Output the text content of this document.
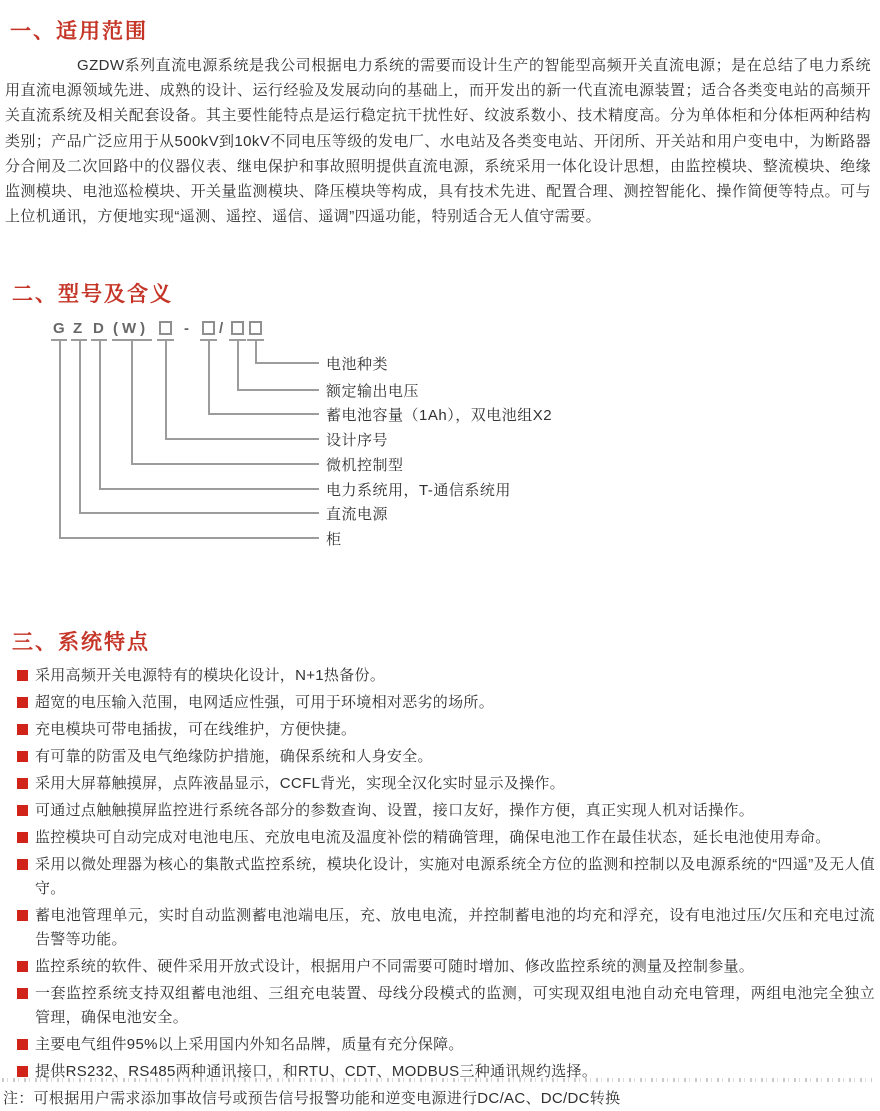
一、适用范围

GZDW系列直流电源系统是我公司根据电力系统的需要而设计生产的智能型高频开关直流电源；是在总结了电力系统用直流电源领域先进、成熟的设计、运行经验及发展动向的基础上，而开发出的新一代直流电源装置；适合各类变电站的高频开关直流系统及相关配套设备。其主要性能特点是运行稳定抗干扰性好、纹波系数小、技术精度高。分为单体柜和分体柜两种结构类别；产品广泛应用于从500kV到10kV不同电压等级的发电厂、水电站及各类变电站、开闭所、开关站和用户变电中，为断路器分合闸及二次回路中的仪器仪表、继电保护和事故照明提供直流电源，系统采用一体化设计思想，由监控模块、整流模块、绝缘监测模块、电池巡检模块、开关量监测模块、降压模块等构成，具有技术先进、配置合理、测控智能化、操作简便等特点。可与上位机通讯，方便地实现“遥测、遥控、遥信、遥调”四遥功能，特别适合无人值守需要。

二、型号及含义
G Z D (W) - /
电池种类
额定输出电压
蓄电池容量（1Ah），双电池组X2
设计序号
微机控制型
电力系统用，T-通信系统用
直流电源
柜
三、系统特点
采用高频开关电源特有的模块化设计，N+1热备份。
超宽的电压输入范围，电网适应性强，可用于环境相对恶劣的场所。
充电模块可带电插拔，可在线维护，方便快捷。
有可靠的防雷及电气绝缘防护措施，确保系统和人身安全。
采用大屏幕触摸屏，点阵液晶显示，CCFL背光，实现全汉化实时显示及操作。
可通过点触触摸屏监控进行系统各部分的参数查询、设置，接口友好，操作方便，真正实现人机对话操作。
监控模块可自动完成对电池电压、充放电电流及温度补偿的精确管理，确保电池工作在最佳状态，延长电池使用寿命。
采用以微处理器为核心的集散式监控系统，模块化设计，实施对电源系统全方位的监测和控制以及电源系统的“四遥”及无人值守。
蓄电池管理单元，实时自动监测蓄电池端电压，充、放电电流，并控制蓄电池的均充和浮充，设有电池过压/欠压和充电过流告警等功能。
监控系统的软件、硬件采用开放式设计，根据用户不同需要可随时增加、修改监控系统的测量及控制参量。
一套监控系统支持双组蓄电池组、三组充电装置、母线分段模式的监测，可实现双组电池自动充电管理，两组电池完全独立管理，确保电池安全。
主要电气组件95%以上采用国内外知名品牌，质量有充分保障。
提供RS232、RS485两种通讯接口，和RTU、CDT、MODBUS三种通讯规约选择。
注：可根据用户需求添加事故信号或预告信号报警功能和逆变电源进行DC/AC、DC/DC转换
